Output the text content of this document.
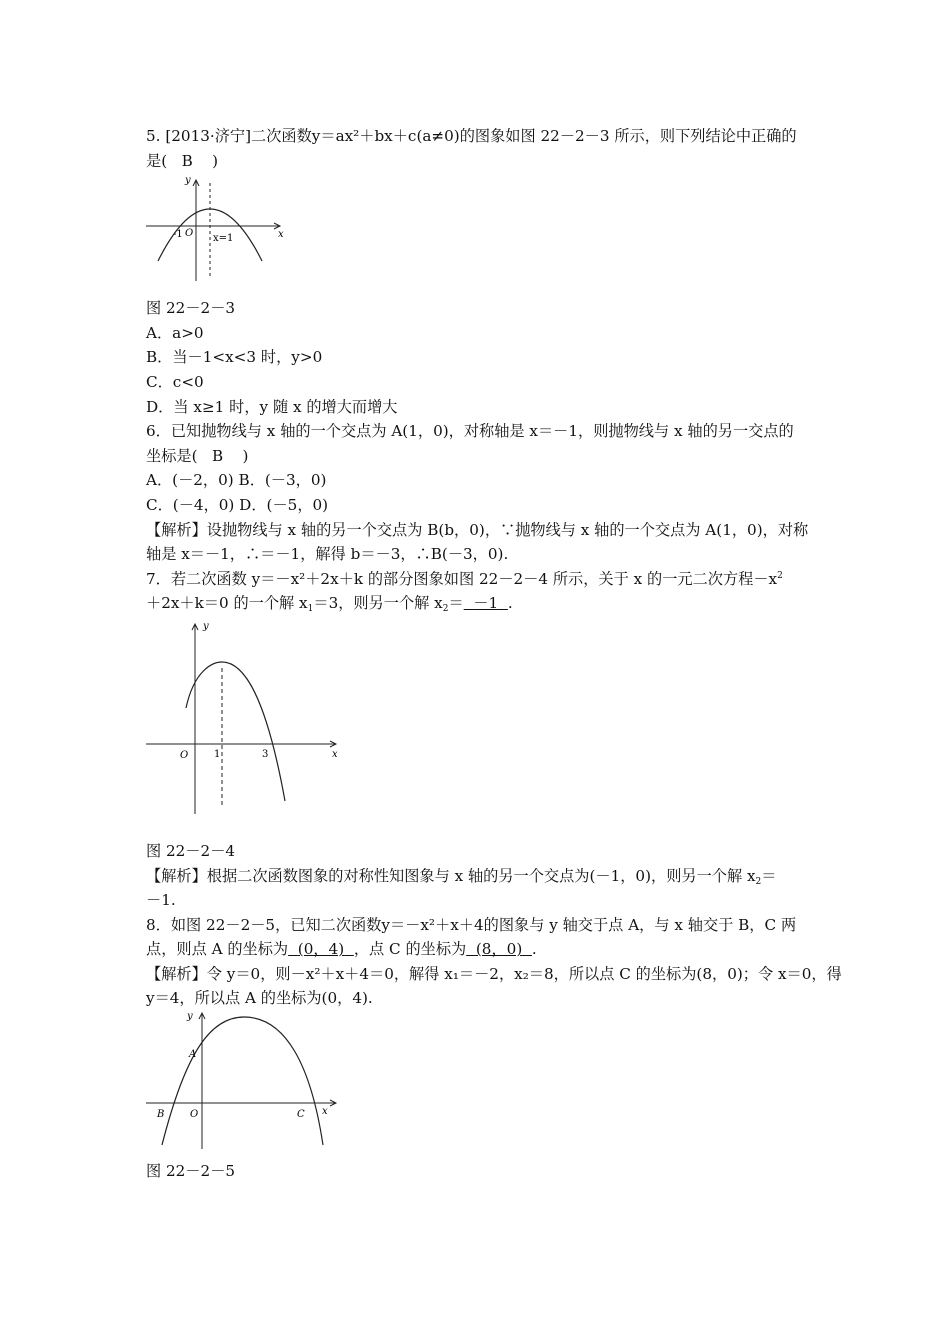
5. [2013·济宁]二次函数y＝ax²＋bx＋c(a≠0)的图象如图 22－2－3 所示，则下列结论中正确的
是( B )
y
x
-1 O x=1
图 22－2－3
A．a>0
B．当－1<x<3 时，y>0
C．c<0
D．当 x≥1 时，y 随 x 的增大而增大
6．已知抛物线与 x 轴的一个交点为 A(1，0)，对称轴是 x＝－1，则抛物线与 x 轴的另一交点的
坐标是( B )
A．(－2，0) B．(－3，0)
C．(－4，0) D．(－5，0)
【解析】设抛物线与 x 轴的另一个交点为 B(b，0)，∵抛物线与 x 轴的一个交点为 A(1，0)，对称
轴是 x＝－1，∴＝－1，解得 b＝－3，∴B(－3，0).
7．若二次函数 y＝－x²＋2x＋k 的部分图象如图 22－2－4 所示，关于 x 的一元二次方程$-x^2$
＋2x＋k＝0 的一个解 $x_1=3$，则另一个解 $x_2= -1$ .
y
x
O	1	3
图 22－2－4
【解析】根据二次函数图象的对称性知图象与 x 轴的另一个交点为(－1，0)，则另一个解 $x_2=$
－1.
8．如图 22－2－5，已知二次函数y＝－x²＋x＋4的图象与 y 轴交于点 A，与 x 轴交于 B，C 两
点，则点 A 的坐标为 (0，4) ，点 C 的坐标为 (8，0) .
【解析】令 y＝0，则－x²＋x＋4＝0，解得 x₁＝－2，x₂＝8，所以点 C 的坐标为(8，0)；令 x＝0，得
y＝4，所以点 A 的坐标为(0，4).
y
A
B	O	C x
图 22－2－5
